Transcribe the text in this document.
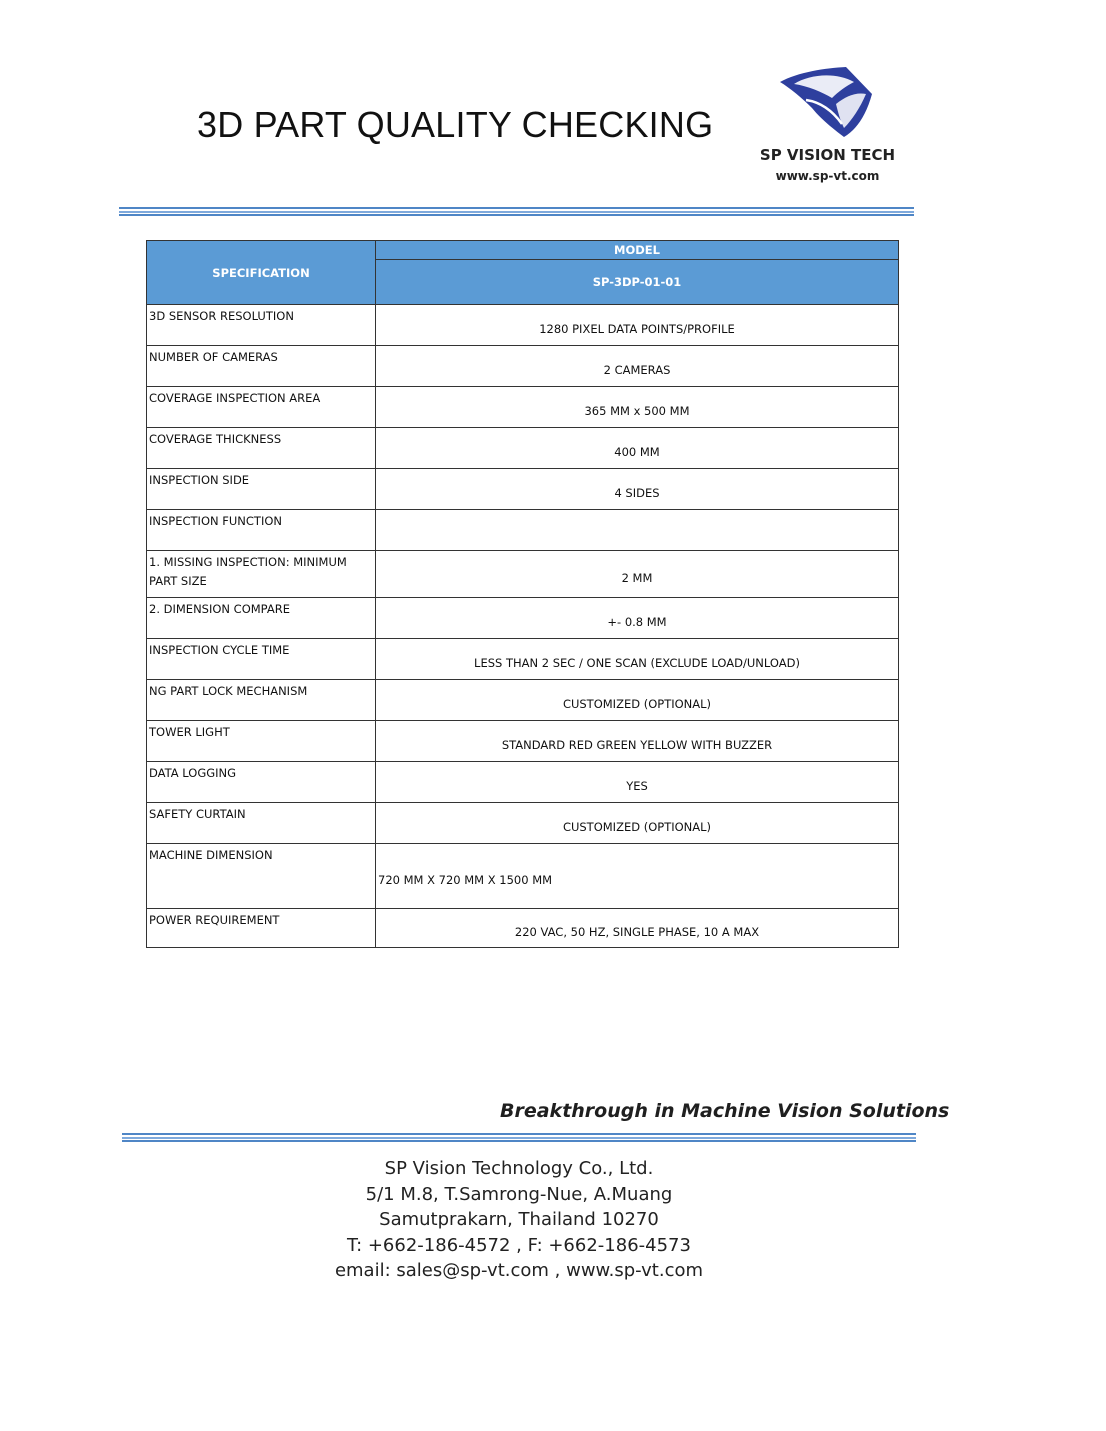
3D PART QUALITY CHECKING
SP VISION TECH
www.sp-vt.com
SPECIFICATION	MODEL
	SP-3DP-01-01
3D SENSOR RESOLUTION	1280 PIXEL DATA POINTS/PROFILE
NUMBER OF CAMERAS	2 CAMERAS
COVERAGE INSPECTION AREA	365 MM x 500 MM
COVERAGE THICKNESS	400 MM
INSPECTION SIDE	4 SIDES
INSPECTION FUNCTION	
1. MISSING INSPECTION: MINIMUM PART SIZE	2 MM
2. DIMENSION COMPARE	+- 0.8 MM
INSPECTION CYCLE TIME	LESS THAN 2 SEC / ONE SCAN (EXCLUDE LOAD/UNLOAD)
NG PART LOCK MECHANISM	CUSTOMIZED (OPTIONAL)
TOWER LIGHT	STANDARD RED GREEN YELLOW WITH BUZZER
DATA LOGGING	YES
SAFETY CURTAIN	CUSTOMIZED (OPTIONAL)
MACHINE DIMENSION	720 MM X 720 MM X 1500 MM
POWER REQUIREMENT	220 VAC, 50 HZ, SINGLE PHASE, 10 A MAX
Breakthrough in Machine Vision Solutions
SP Vision Technology Co., Ltd.
5/1 M.8, T.Samrong-Nue, A.Muang
Samutprakarn, Thailand 10270
T: +662-186-4572 , F: +662-186-4573
email: sales@sp-vt.com , www.sp-vt.com
